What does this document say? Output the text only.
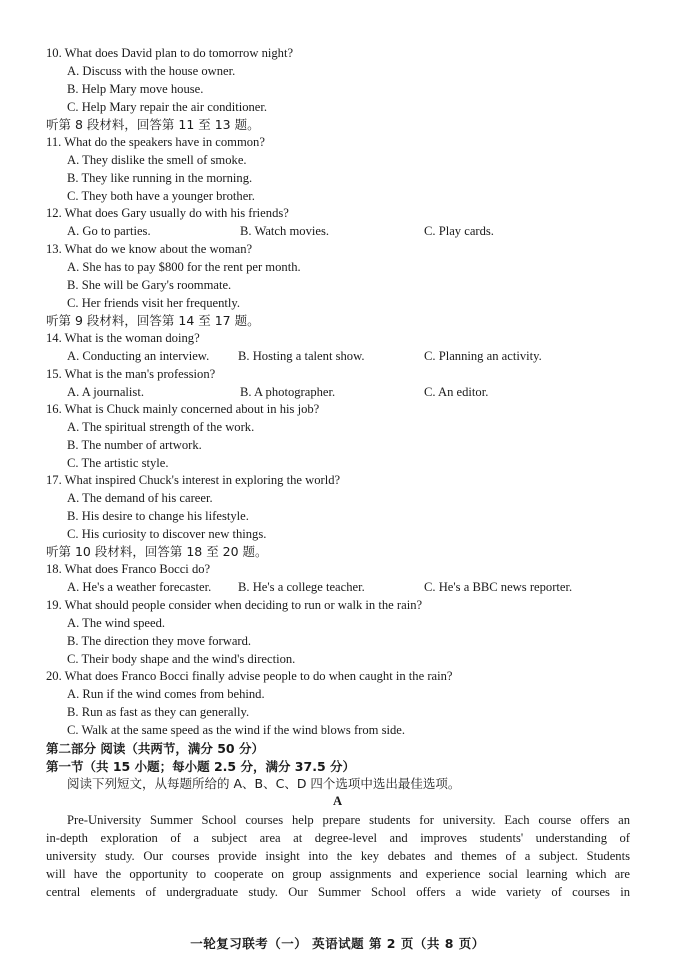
10. What does David plan to do tomorrow night?
A. Discuss with the house owner.
B. Help Mary move house.
C. Help Mary repair the air conditioner.
听第 8 段材料，回答第 11 至 13 题。
11. What do the speakers have in common?
A. They dislike the smell of smoke.
B. They like running in the morning.
C. They both have a younger brother.
12. What does Gary usually do with his friends?
A. Go to parties.	B. Watch movies.	C. Play cards.
13. What do we know about the woman?
A. She has to pay $800 for the rent per month.
B. She will be Gary's roommate.
C. Her friends visit her frequently.
听第 9 段材料，回答第 14 至 17 题。
14. What is the woman doing?
A. Conducting an interview. B. Hosting a talent show.	C. Planning an activity.
15. What is the man's profession?
A. A journalist.	B. A photographer.	C. An editor.
16. What is Chuck mainly concerned about in his job?
A. The spiritual strength of the work.
B. The number of artwork.
C. The artistic style.
17. What inspired Chuck's interest in exploring the world?
A. The demand of his career.
B. His desire to change his lifestyle.
C. His curiosity to discover new things.
听第 10 段材料，回答第 18 至 20 题。
18. What does Franco Bocci do?
A. He's a weather forecaster. B. He's a college teacher.	C. He's a BBC news reporter.
19. What should people consider when deciding to run or walk in the rain?
A. The wind speed.
B. The direction they move forward.
C. Their body shape and the wind's direction.
20. What does Franco Bocci finally advise people to do when caught in the rain?
A. Run if the wind comes from behind.
B. Run as fast as they can generally.
C. Walk at the same speed as the wind if the wind blows from side.
第二部分 阅读（共两节，满分 50 分）
第一节（共 15 小题；每小题 2.5 分，满分 37.5 分）
阅读下列短文，从每题所给的 A、B、C、D 四个选项中选出最佳选项。
A
Pre-University Summer School courses help prepare students for university. Each course offers an
in-depth exploration of a subject area at degree-level and improves students' understanding of
university study. Our courses provide insight into the key debates and themes of a subject. Students
will have the opportunity to cooperate on group assignments and experience social learning which are
central elements of undergraduate study. Our Summer School offers a wide variety of courses in
一轮复习联考（一） 英语试题 第 2 页（共 8 页）
